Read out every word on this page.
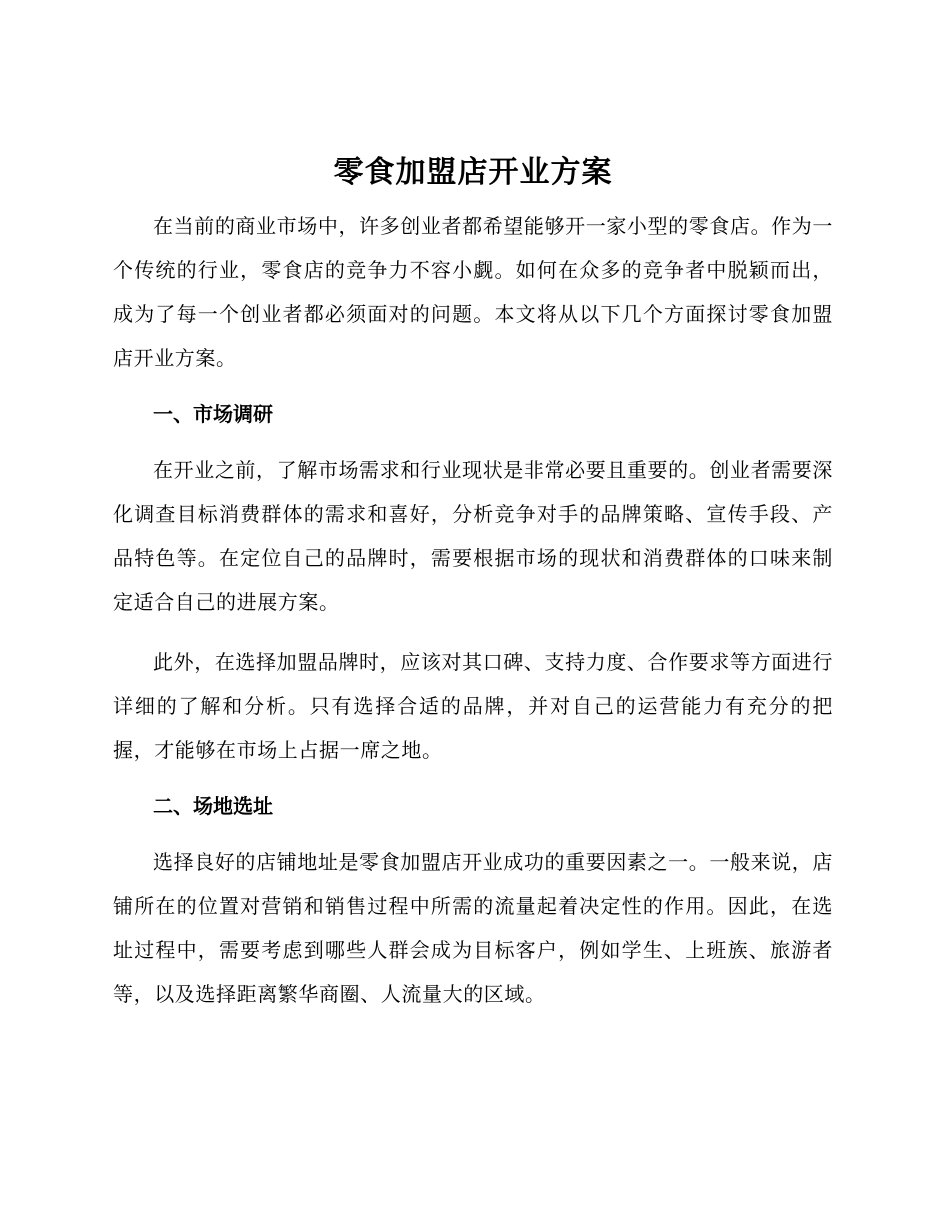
零食加盟店开业方案

在当前的商业市场中，许多创业者都希望能够开一家小型的零食店。作为一个传统的行业，零食店的竞争力不容小觑。如何在众多的竞争者中脱颖而出，成为了每一个创业者都必须面对的问题。本文将从以下几个方面探讨零食加盟店开业方案。

一、市场调研

在开业之前，了解市场需求和行业现状是非常必要且重要的。创业者需要深化调查目标消费群体的需求和喜好，分析竞争对手的品牌策略、宣传手段、产品特色等。在定位自己的品牌时，需要根据市场的现状和消费群体的口味来制定适合自己的进展方案。

此外，在选择加盟品牌时，应该对其口碑、支持力度、合作要求等方面进行详细的了解和分析。只有选择合适的品牌，并对自己的运营能力有充分的把握，才能够在市场上占据一席之地。

二、场地选址

选择良好的店铺地址是零食加盟店开业成功的重要因素之一。一般来说，店铺所在的位置对营销和销售过程中所需的流量起着决定性的作用。因此，在选址过程中，需要考虑到哪些人群会成为目标客户，例如学生、上班族、旅游者等，以及选择距离繁华商圈、人流量大的区域。
